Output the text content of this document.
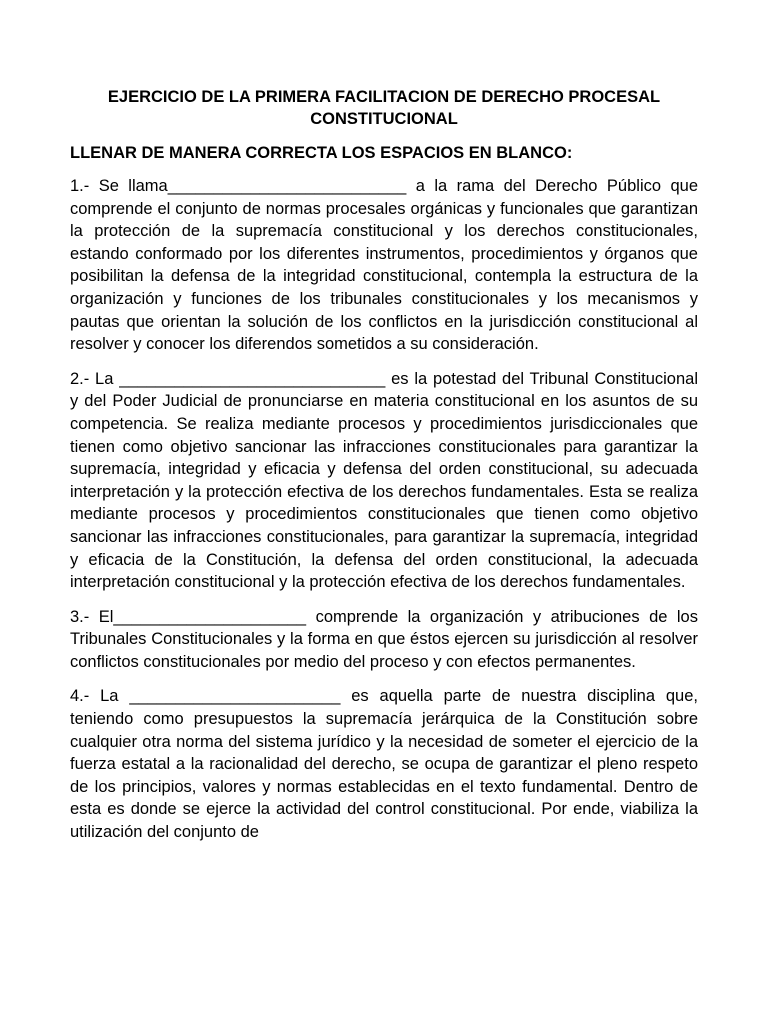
EJERCICIO DE LA PRIMERA FACILITACION DE DERECHO PROCESAL
CONSTITUCIONAL

LLENAR DE MANERA CORRECTA LOS ESPACIOS EN BLANCO:

1.- Se llama__________________________ a la rama del Derecho Público que comprende el conjunto de normas procesales orgánicas y funcionales que garantizan la protección de la supremacía constitucional y los derechos constitucionales, estando conformado por los diferentes instrumentos, procedimientos y órganos que posibilitan la defensa de la integridad constitucional, contempla la estructura de la organización y funciones de los tribunales constitucionales y los mecanismos y pautas que orientan la solución de los conflictos en la jurisdicción constitucional al resolver y conocer los diferendos sometidos a su consideración.

2.- La _____________________________ es la potestad del Tribunal Constitucional y del Poder Judicial de pronunciarse en materia constitucional en los asuntos de su competencia. Se realiza mediante procesos y procedimientos jurisdiccionales que tienen como objetivo sancionar las infracciones constitucionales para garantizar la supremacía, integridad y eficacia y defensa del orden constitucional, su adecuada interpretación y la protección efectiva de los derechos fundamentales. Esta se realiza mediante procesos y procedimientos constitucionales que tienen como objetivo sancionar las infracciones constitucionales, para garantizar la supremacía, integridad y eficacia de la Constitución, la defensa del orden constitucional, la adecuada interpretación constitucional y la protección efectiva de los derechos fundamentales.

3.- El_____________________ comprende la organización y atribuciones de los Tribunales Constitucionales y la forma en que éstos ejercen su jurisdicción al resolver conflictos constitucionales por medio del proceso y con efectos permanentes.

4.- La _______________________ es aquella parte de nuestra disciplina que, teniendo como presupuestos la supremacía jerárquica de la Constitución sobre cualquier otra norma del sistema jurídico y la necesidad de someter el ejercicio de la fuerza estatal a la racionalidad del derecho, se ocupa de garantizar el pleno respeto de los principios, valores y normas establecidas en el texto fundamental. Dentro de esta es donde se ejerce la actividad del control constitucional. Por ende, viabiliza la utilización del conjunto de
